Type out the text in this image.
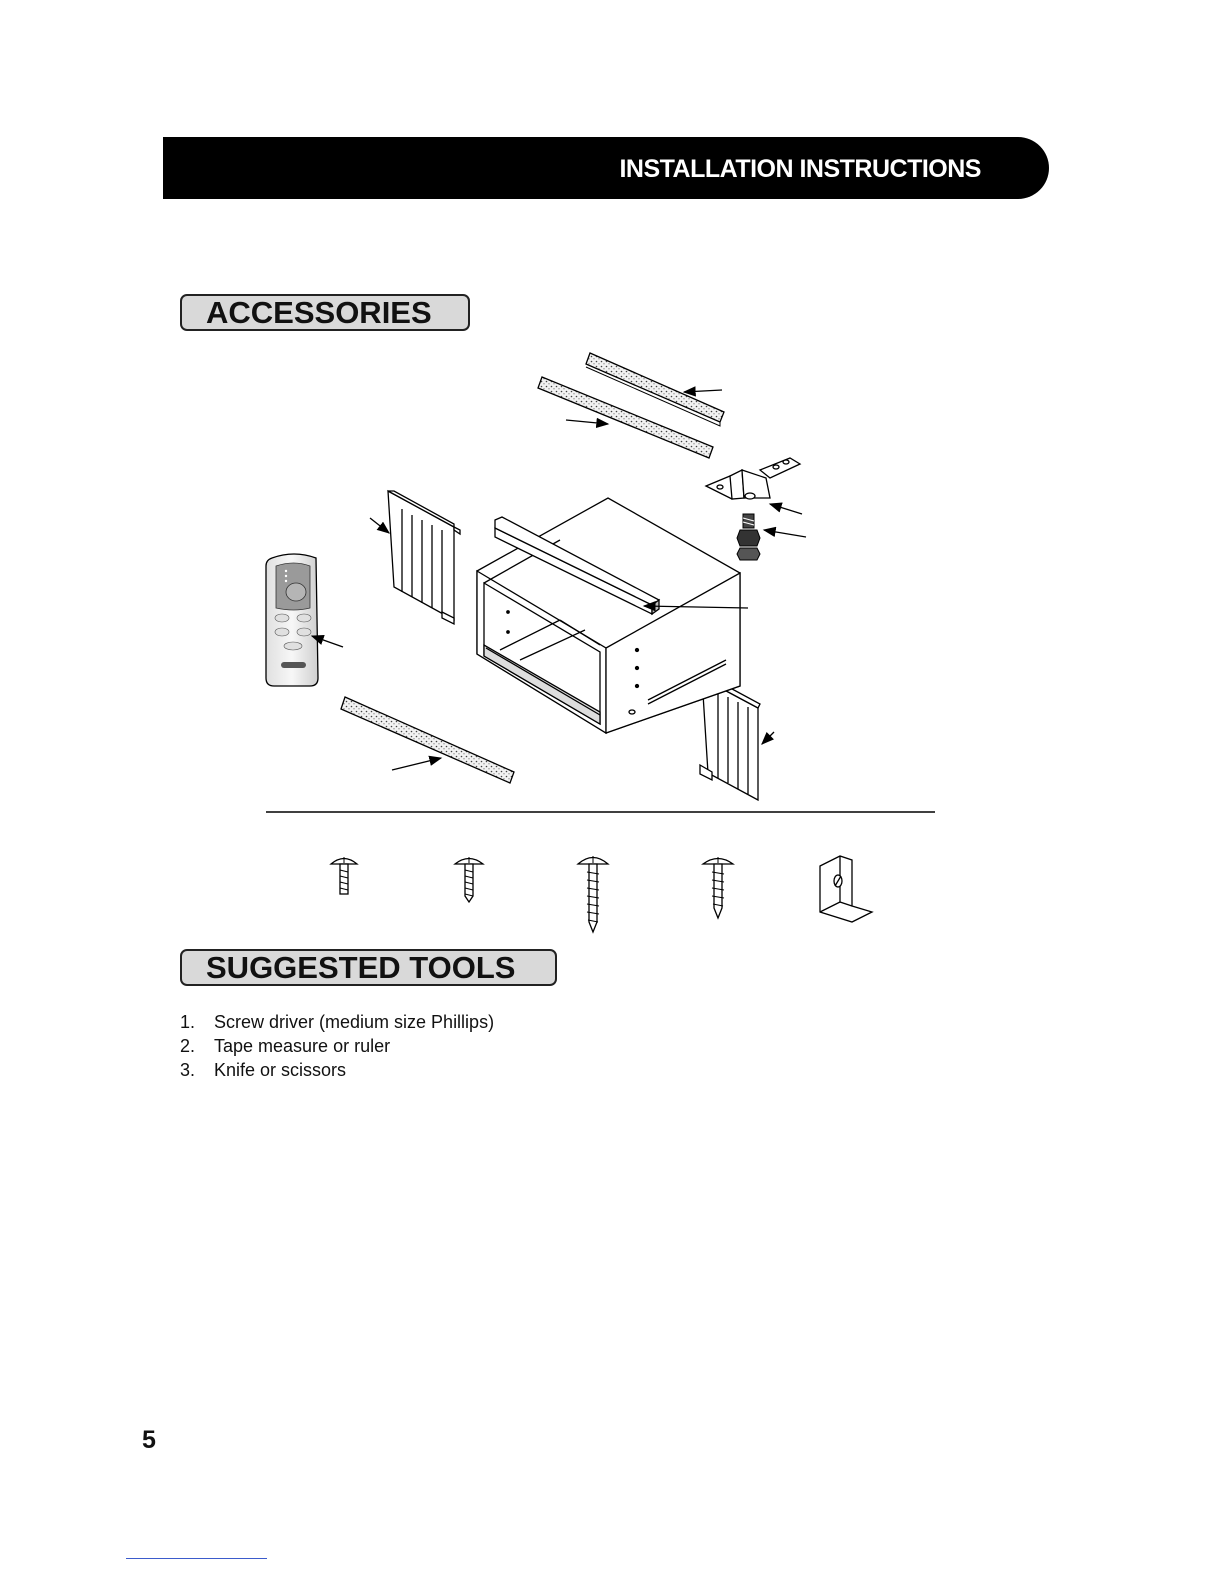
INSTALLATION INSTRUCTIONS
ACCESSORIES
SUGGESTED TOOLS
1. Screw driver (medium size Phillips)
2. Tape measure or ruler
3. Knife or scissors
5
